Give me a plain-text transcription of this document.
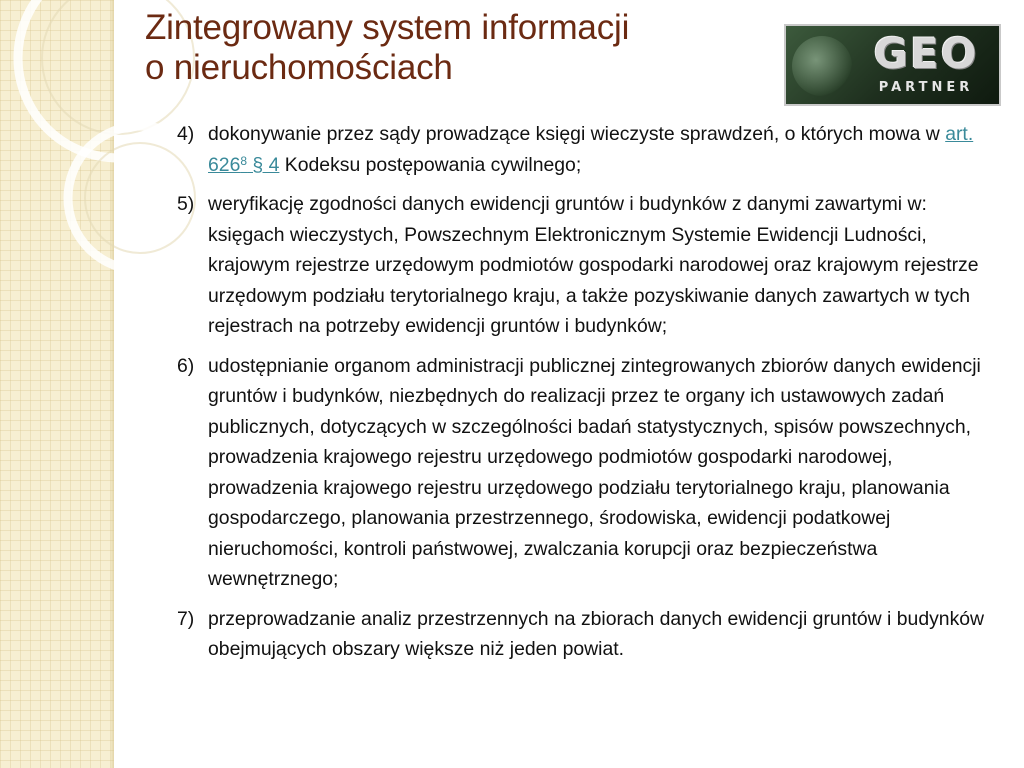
Zintegrowany system informacji
o nieruchomościach	GEO
PARTNER
4) dokonywanie przez sądy prowadzące księgi wieczyste sprawdzeń, o których mowa w art. 626$^8$ § 4 Kodeksu postępowania cywilnego;
5) weryfikację zgodności danych ewidencji gruntów i budynków z danymi zawartymi w: księgach wieczystych, Powszechnym Elektronicznym Systemie Ewidencji Ludności, krajowym rejestrze urzędowym podmiotów gospodarki narodowej oraz krajowym rejestrze urzędowym podziału terytorialnego kraju, a także pozyskiwanie danych zawartych w tych rejestrach na potrzeby ewidencji gruntów i budynków;
6) udostępnianie organom administracji publicznej zintegrowanych zbiorów danych ewidencji gruntów i budynków, niezbędnych do realizacji przez te organy ich ustawowych zadań publicznych, dotyczących w szczególności badań statystycznych, spisów powszechnych, prowadzenia krajowego rejestru urzędowego podmiotów gospodarki narodowej, prowadzenia krajowego rejestru urzędowego podziału terytorialnego kraju, planowania gospodarczego, planowania przestrzennego, środowiska, ewidencji podatkowej nieruchomości, kontroli państwowej, zwalczania korupcji oraz bezpieczeństwa wewnętrznego;
7) przeprowadzanie analiz przestrzennych na zbiorach danych ewidencji gruntów i budynków obejmujących obszary większe niż jeden powiat.
